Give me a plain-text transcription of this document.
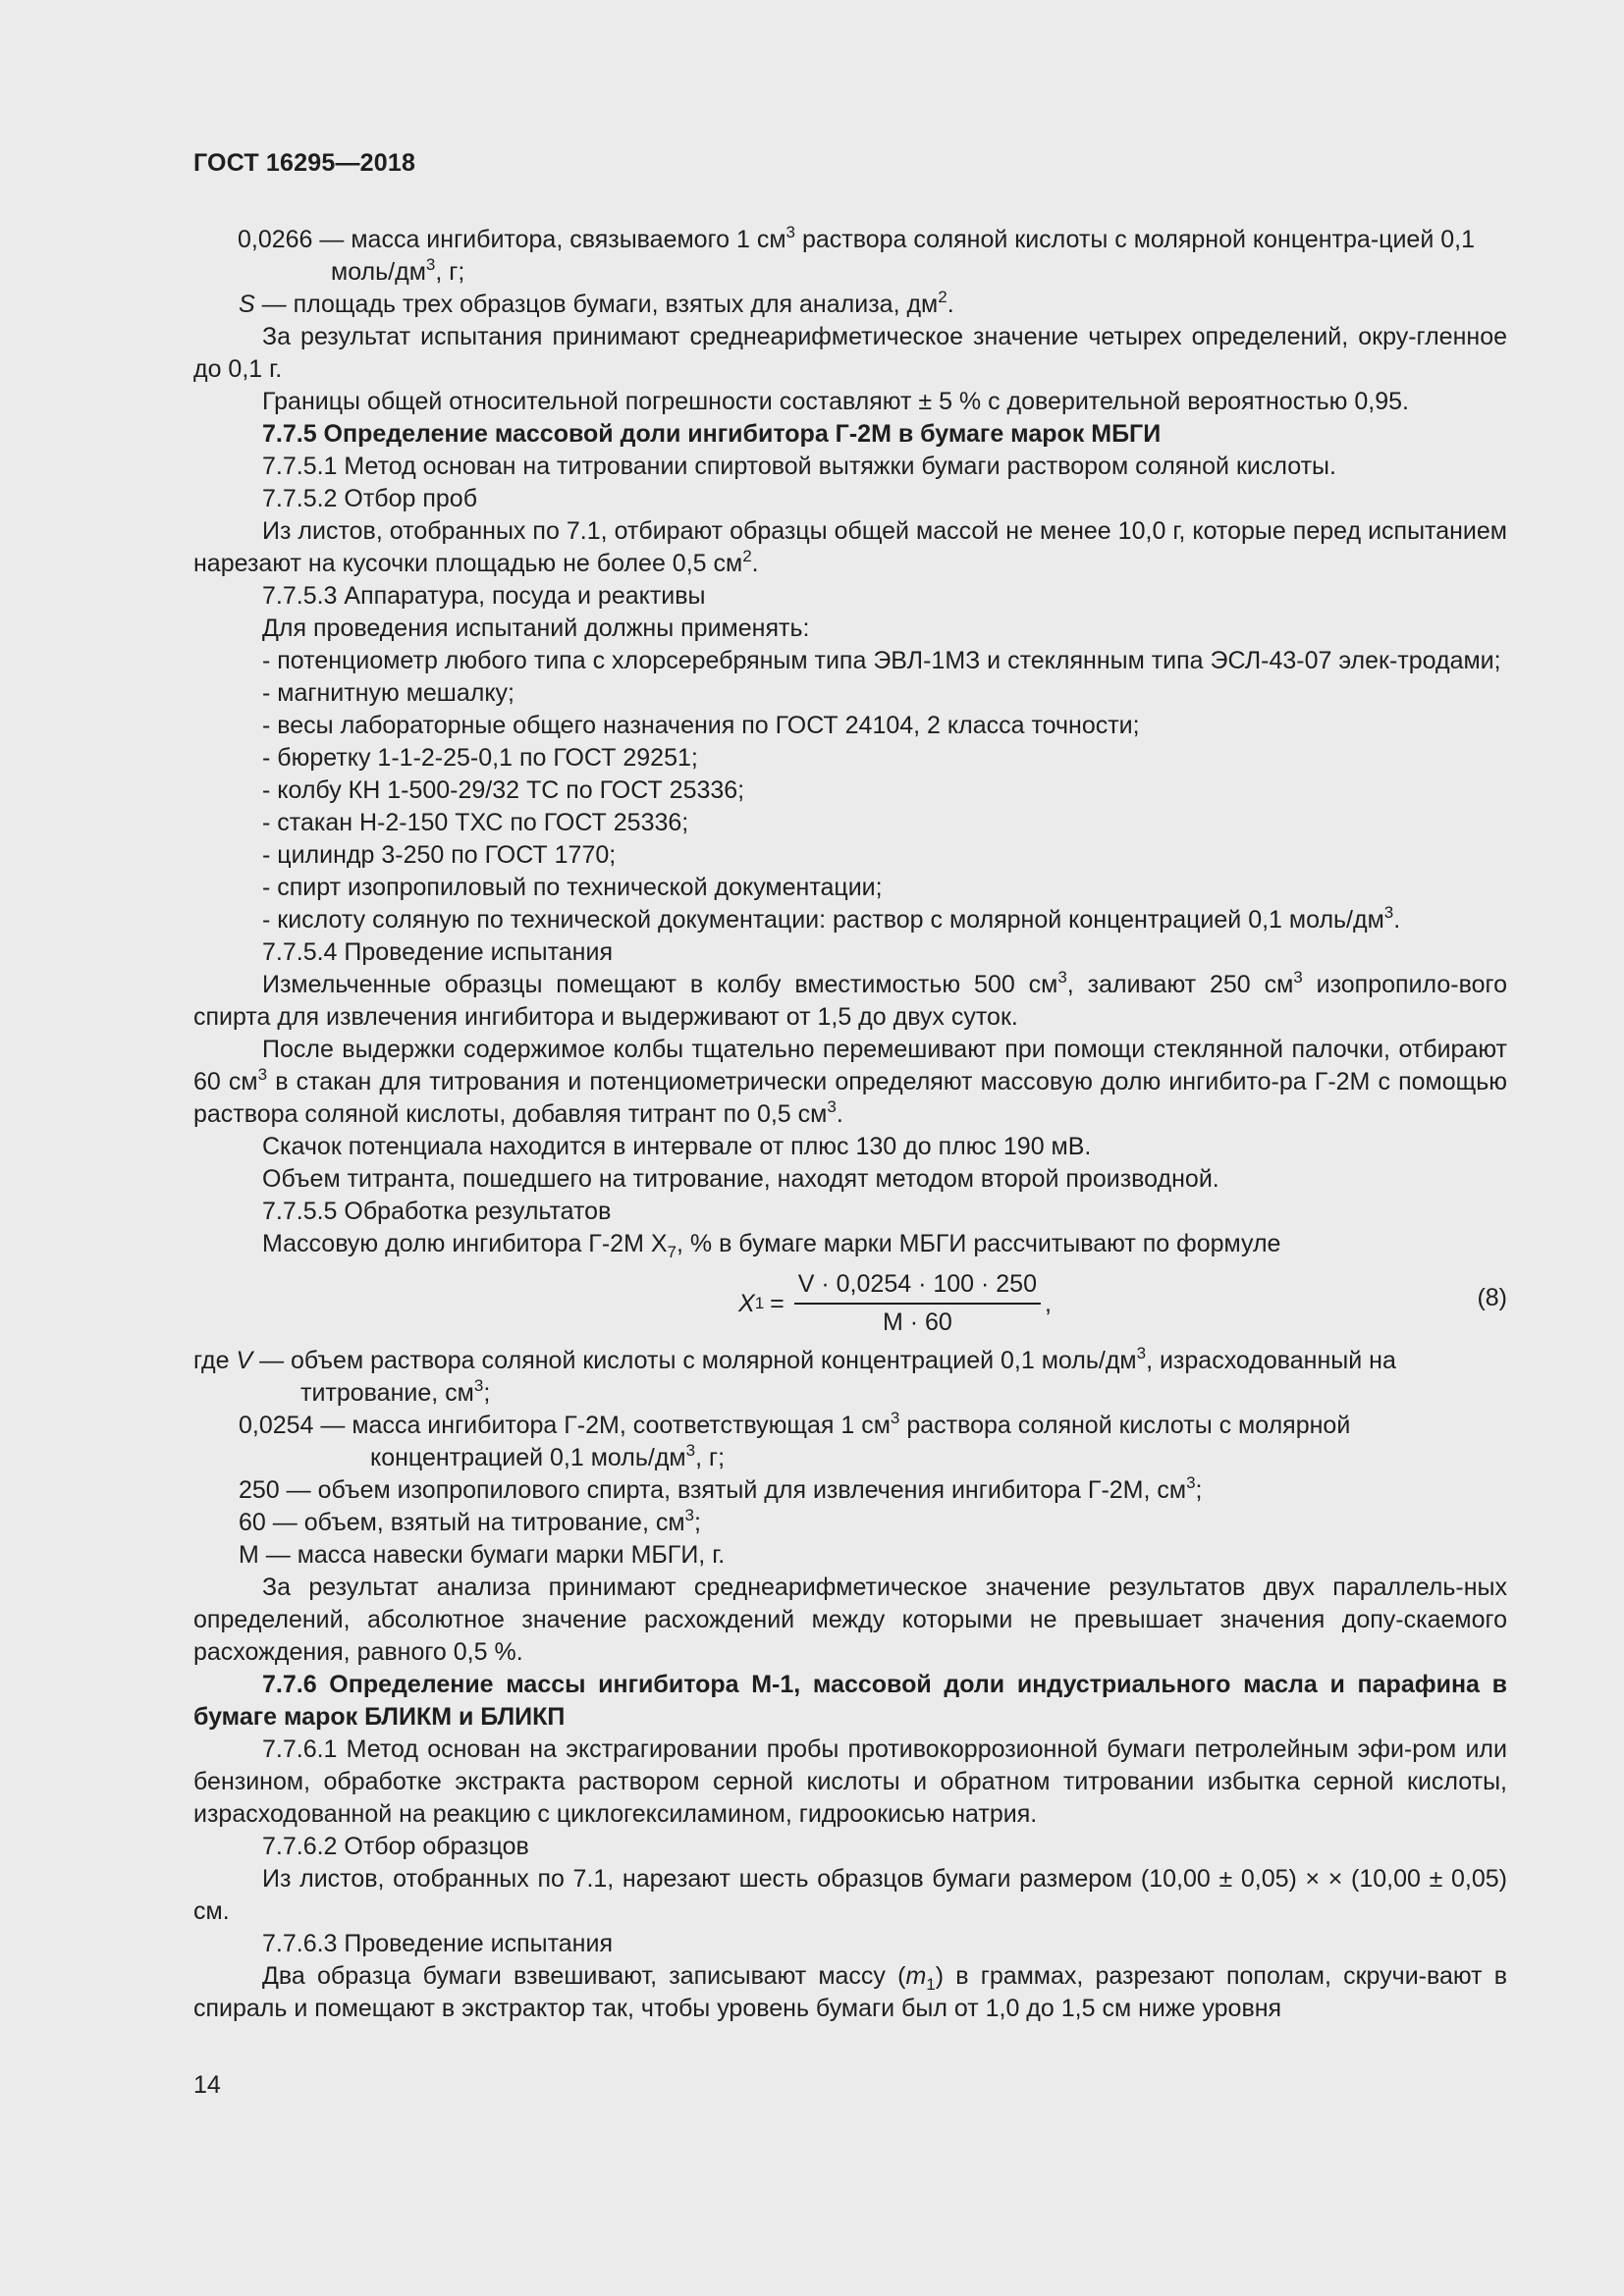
ГОСТ 16295—2018

0,0266 — масса ингибитора, связываемого 1 $см^3$ раствора соляной кислоты с молярной концентра-цией 0,1 моль/$дм^3$, г;

S — площадь трех образцов бумаги, взятых для анализа, $дм^2$.

За результат испытания принимают среднеарифметическое значение четырех определений, окру-гленное до 0,1 г.

Границы общей относительной погрешности составляют ± 5 % с доверительной вероятностью 0,95.

7.7.5 Определение массовой доли ингибитора Г-2М в бумаге марок МБГИ

7.7.5.1 Метод основан на титровании спиртовой вытяжки бумаги раствором соляной кислоты.

7.7.5.2 Отбор проб

Из листов, отобранных по 7.1, отбирают образцы общей массой не менее 10,0 г, которые перед испытанием нарезают на кусочки площадью не более 0,5 $см^2$.

7.7.5.3 Аппаратура, посуда и реактивы

Для проведения испытаний должны применять:

- потенциометр любого типа с хлорсеребряным типа ЭВЛ-1МЗ и стеклянным типа ЭСЛ-43-07 элек-тродами;

- магнитную мешалку;

- весы лабораторные общего назначения по ГОСТ 24104, 2 класса точности;

- бюретку 1-1-2-25-0,1 по ГОСТ 29251;

- колбу КН 1-500-29/32 ТС по ГОСТ 25336;

- стакан Н-2-150 ТХС по ГОСТ 25336;

- цилиндр 3-250 по ГОСТ 1770;

- спирт изопропиловый по технической документации;

- кислоту соляную по технической документации: раствор с молярной концентрацией 0,1 моль/$дм^3$.

7.7.5.4 Проведение испытания

Измельченные образцы помещают в колбу вместимостью 500 $см^3$, заливают 250 $см^3$ изопропило-вого спирта для извлечения ингибитора и выдерживают от 1,5 до двух суток.

После выдержки содержимое колбы тщательно перемешивают при помощи стеклянной палочки, отбирают 60 $см^3$ в стакан для титрования и потенциометрически определяют массовую долю ингибито-ра Г-2М с помощью раствора соляной кислоты, добавляя титрант по 0,5 $см^3$.

Скачок потенциала находится в интервале от плюс 130 до плюс 190 мВ.

Объем титранта, пошедшего на титрование, находят методом второй производной.

7.7.5.5 Обработка результатов

Массовую долю ингибитора Г-2М $Х_7$, % в бумаге марки МБГИ рассчитывают по формуле

X $1 = \frac{V \cdot 0,0254 \cdot 100 \cdot 250}{М \cdot 60}$ ,	(8)

где V — объем раствора соляной кислоты с молярной концентрацией 0,1 моль/$дм^3$, израсходованный на титрование, $см^3$;

0,0254 — масса ингибитора Г-2М, соответствующая 1 $см^3$ раствора соляной кислоты с молярной концентрацией 0,1 моль/$дм^3$, г;

250 — объем изопропилового спирта, взятый для извлечения ингибитора Г-2М, $см^3$;

60 — объем, взятый на титрование, $см^3$;

М — масса навески бумаги марки МБГИ, г.

За результат анализа принимают среднеарифметическое значение результатов двух параллель-ных определений, абсолютное значение расхождений между которыми не превышает значения допу-скаемого расхождения, равного 0,5 %.

7.7.6 Определение массы ингибитора М-1, массовой доли индустриального масла и парафина в бумаге марок БЛИКМ и БЛИКП

7.7.6.1 Метод основан на экстрагировании пробы противокоррозионной бумаги петролейным эфи-ром или бензином, обработке экстракта раствором серной кислоты и обратном титровании избытка серной кислоты, израсходованной на реакцию с циклогексиламином, гидроокисью натрия.

7.7.6.2 Отбор образцов

Из листов, отобранных по 7.1, нарезают шесть образцов бумаги размером (10,00 ± 0,05) × × (10,00 ± 0,05) см.

7.7.6.3 Проведение испытания

Два образца бумаги взвешивают, записывают массу $(m_1)$ в граммах, разрезают пополам, скручи-вают в спираль и помещают в экстрактор так, чтобы уровень бумаги был от 1,0 до 1,5 см ниже уровня

14
